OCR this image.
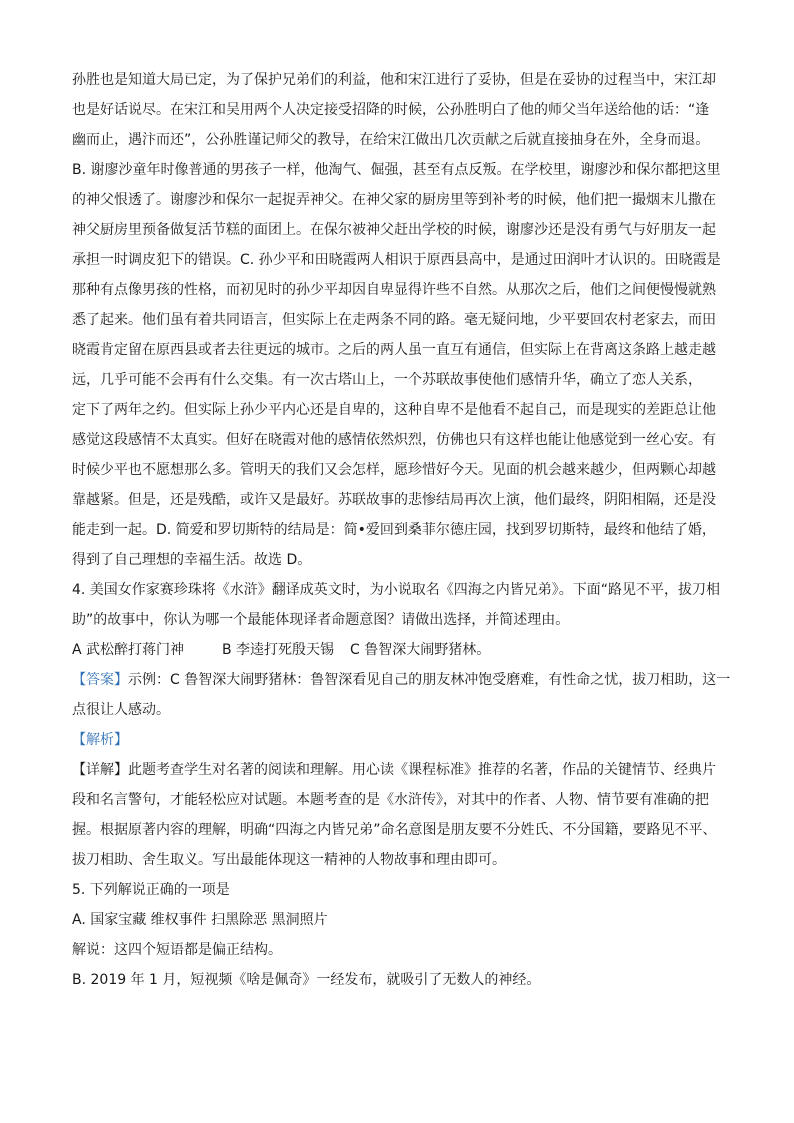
孙胜也是知道大局已定，为了保护兄弟们的利益，他和宋江进行了妥协，但是在妥协的过程当中，宋江却
也是好话说尽。在宋江和吴用两个人决定接受招降的时候，公孙胜明白了他的师父当年送给他的话：“逢
幽而止，遇汴而还”，公孙胜谨记师父的教导，在给宋江做出几次贡献之后就直接抽身在外，全身而退。
B. 谢廖沙童年时像普通的男孩子一样，他淘气、倔强，甚至有点反叛。在学校里，谢廖沙和保尔都把这里
的神父恨透了。谢廖沙和保尔一起捉弄神父。在神父家的厨房里等到补考的时候，他们把一撮烟末儿撒在
神父厨房里预备做复活节糕的面团上。在保尔被神父赶出学校的时候，谢廖沙还是没有勇气与好朋友一起
承担一时调皮犯下的错误。C. 孙少平和田晓霞两人相识于原西县高中，是通过田润叶才认识的。田晓霞是
那种有点像男孩的性格，而初见时的孙少平却因自卑显得许些不自然。从那次之后，他们之间便慢慢就熟
悉了起来。他们虽有着共同语言，但实际上在走两条不同的路。毫无疑问地，少平要回农村老家去，而田
晓霞肯定留在原西县或者去往更远的城市。之后的两人虽一直互有通信，但实际上在背离这条路上越走越
远，几乎可能不会再有什么交集。有一次古塔山上，一个苏联故事使他们感情升华，确立了恋人关系，
定下了两年之约。但实际上孙少平内心还是自卑的，这种自卑不是他看不起自己，而是现实的差距总让他
感觉这段感情不太真实。但好在晓霞对他的感情依然炽烈，仿佛也只有这样也能让他感觉到一丝心安。有
时候少平也不愿想那么多。管明天的我们又会怎样，愿珍惜好今天。见面的机会越来越少，但两颗心却越
靠越紧。但是，还是残酷，或许又是最好。苏联故事的悲惨结局再次上演，他们最终，阴阳相隔，还是没
能走到一起。D. 简爱和罗切斯特的结局是：简•爱回到桑菲尔德庄园，找到罗切斯特，最终和他结了婚，
得到了自己理想的幸福生活。故选 D。
4. 美国女作家赛珍珠将《水浒》翻译成英文时，为小说取名《四海之内皆兄弟》。下面“路见不平，拔刀相
助”的故事中，你认为哪一个最能体现译者命题意图？请做出选择，并简述理由。
A 武松醉打蒋门神	B 李逵打死殷天锡 C 鲁智深大闹野猪林。
【答案】示例：C 鲁智深大闹野猪林：鲁智深看见自己的朋友林冲饱受磨难，有性命之忧，拔刀相助，这一
点很让人感动。
【解析】
【详解】此题考查学生对名著的阅读和理解。用心读《课程标准》推荐的名著，作品的关键情节、经典片
段和名言警句，才能轻松应对试题。本题考查的是《水浒传》，对其中的作者、人物、情节要有准确的把
握。根据原著内容的理解，明确“四海之内皆兄弟”命名意图是朋友要不分姓氏、不分国籍，要路见不平、
拔刀相助、舍生取义。写出最能体现这一精神的人物故事和理由即可。
5. 下列解说正确的一项是
A. 国家宝藏 维权事件 扫黑除恶 黑洞照片
解说：这四个短语都是偏正结构。
B. 2019 年 1 月，短视频《啥是佩奇》一经发布，就吸引了无数人的神经。
